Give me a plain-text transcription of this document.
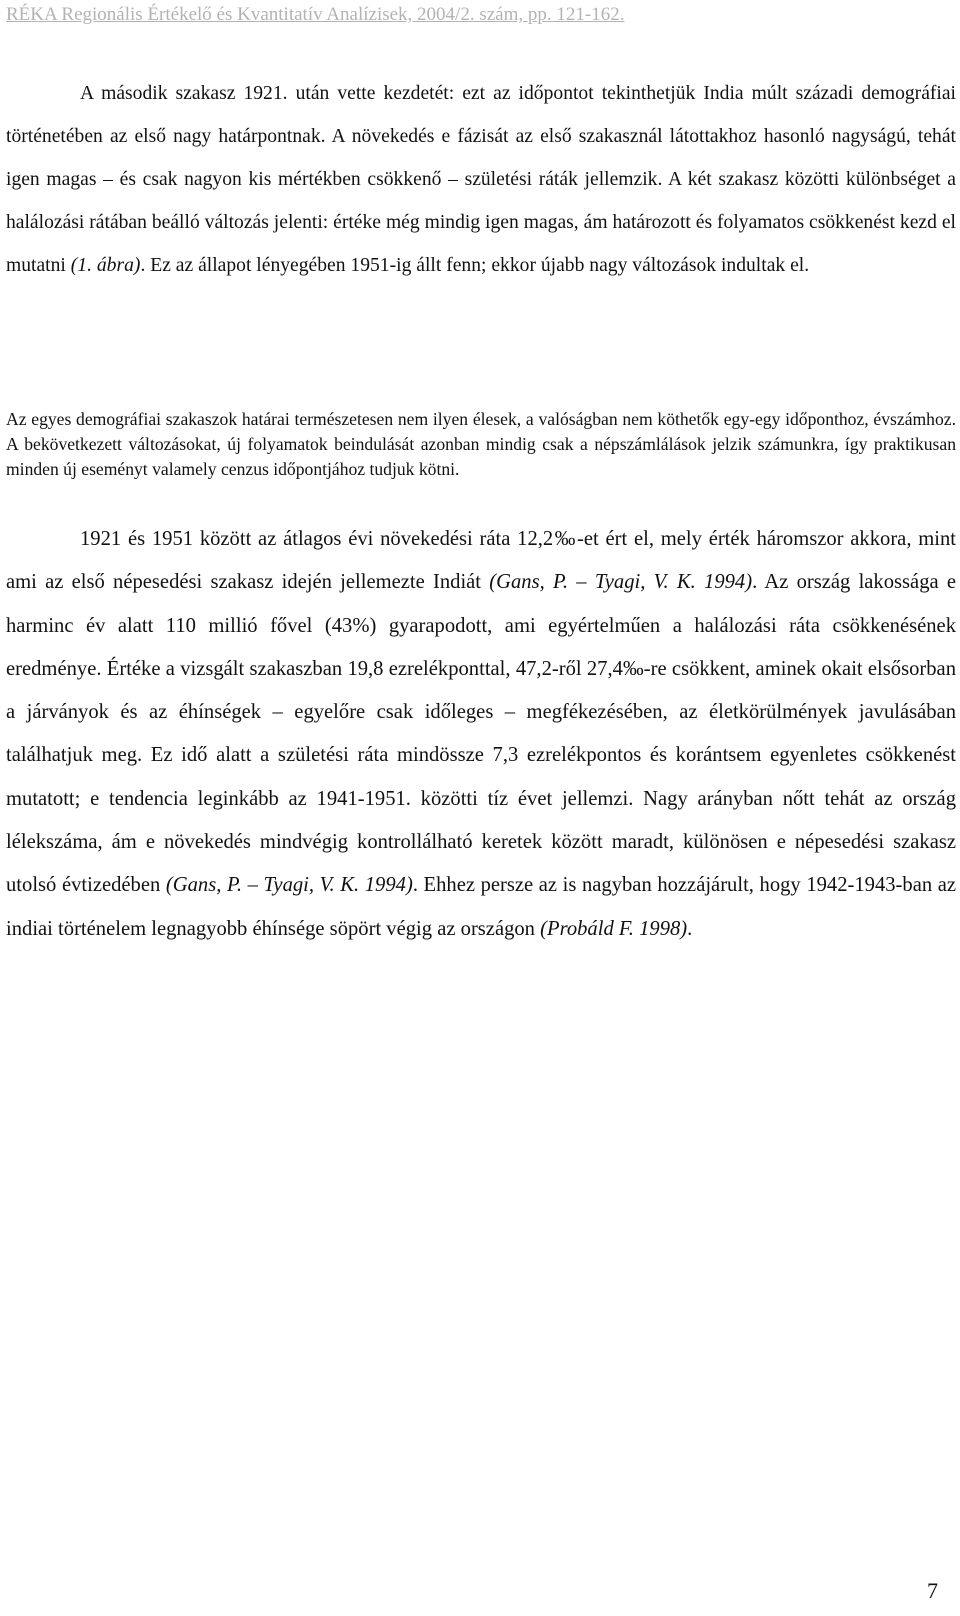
RÉKA Regionális Értékelő és Kvantitatív Analízisek, 2004/2. szám, pp. 121-162.

A második szakasz 1921. után vette kezdetét: ezt az időpontot tekinthetjük India múlt századi demográfiai történetében az első nagy határpontnak. A növekedés e fázisát az első szakasznál látottakhoz hasonló nagyságú, tehát igen magas – és csak nagyon kis mértékben csökkenő – születési ráták jellemzik. A két szakasz közötti különbséget a halálozási rátában beálló változás jelenti: értéke még mindig igen magas, ám határozott és folyamatos csökkenést kezd el mutatni (1. ábra). Ez az állapot lényegében 1951-ig állt fenn; ekkor újabb nagy változások indultak el.

Az egyes demográfiai szakaszok határai természetesen nem ilyen élesek, a valóságban nem köthetők egy-egy időponthoz, évszámhoz. A bekövetkezett változásokat, új folyamatok beindulását azonban mindig csak a népszámlálások jelzik számunkra, így praktikusan minden új eseményt valamely cenzus időpontjához tudjuk kötni.

1921 és 1951 között az átlagos évi növekedési ráta 12,2‰-et ért el, mely érték háromszor akkora, mint ami az első népesedési szakasz idején jellemezte Indiát (Gans, P. – Tyagi, V. K. 1994). Az ország lakossága e harminc év alatt 110 millió fővel (43%) gyarapodott, ami egyértelműen a halálozási ráta csökkenésének eredménye. Értéke a vizsgált szakaszban 19,8 ezrelékponttal, 47,2-ről 27,4‰-re csökkent, aminek okait elsősorban a járványok és az éhínségek – egyelőre csak időleges – megfékezésében, az életkörülmények javulásában találhatjuk meg. Ez idő alatt a születési ráta mindössze 7,3 ezrelékpontos és korántsem egyenletes csökkenést mutatott; e tendencia leginkább az 1941-1951. közötti tíz évet jellemzi. Nagy arányban nőtt tehát az ország lélekszáma, ám e növekedés mindvégig kontrollálható keretek között maradt, különösen e népesedési szakasz utolsó évtizedében (Gans, P. – Tyagi, V. K. 1994). Ehhez persze az is nagyban hozzájárult, hogy 1942-1943-ban az indiai történelem legnagyobb éhínsége söpört végig az országon (Probáld F. 1998).

7
